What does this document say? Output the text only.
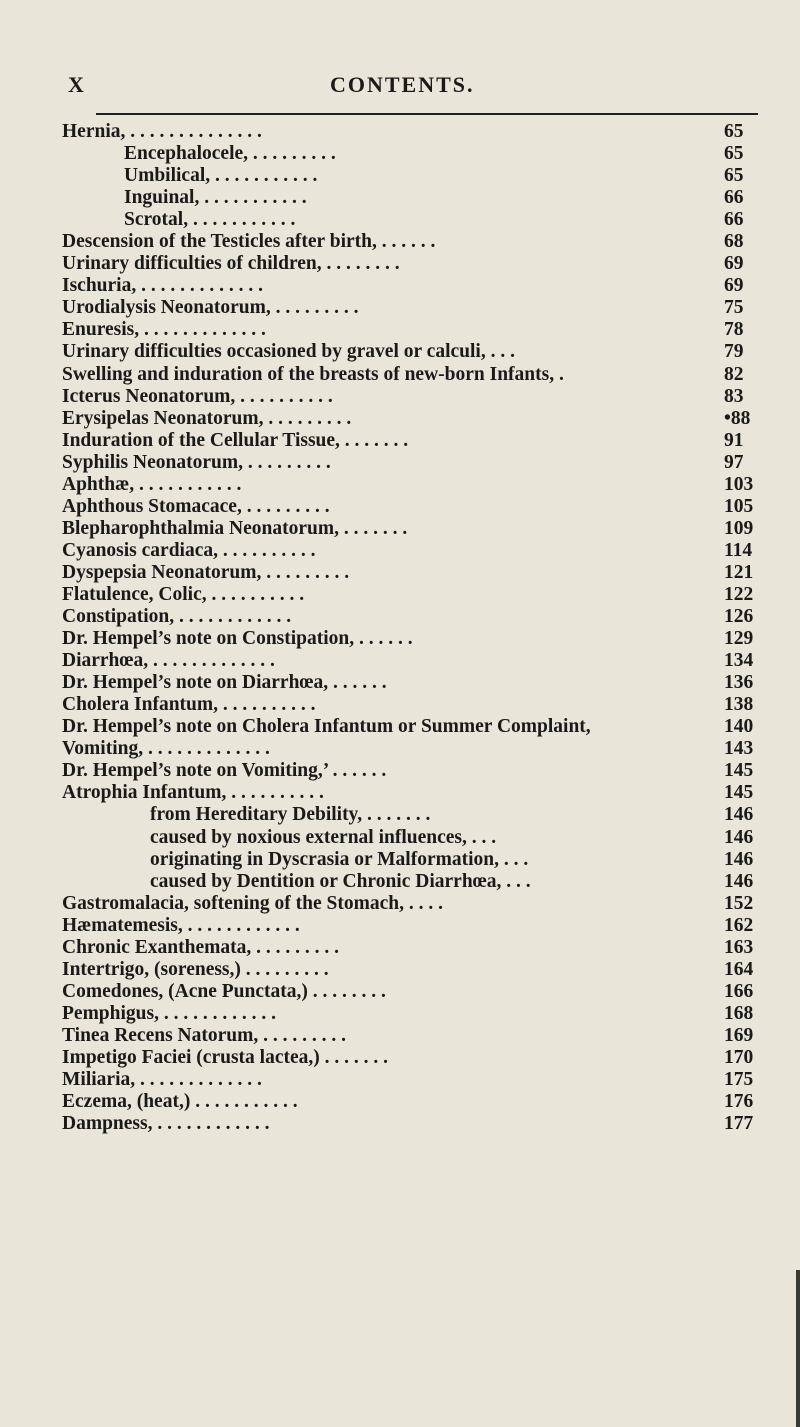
X	CONTENTS.
Hernia, . . . . . . . . . . . . . .	65
Encephalocele, . . . . . . . . .	65
Umbilical, . . . . . . . . . . .	65
Inguinal, . . . . . . . . . . .	66
Scrotal, . . . . . . . . . . .	66
Descension of the Testicles after birth, . . . . . .	68
Urinary difficulties of children, . . . . . . . .	69
Ischuria, . . . . . . . . . . . . .	69
Urodialysis Neonatorum, . . . . . . . . .	75
Enuresis, . . . . . . . . . . . . .	78
Urinary difficulties occasioned by gravel or calculi, . . .	79
Swelling and induration of the breasts of new-born Infants, .	82
Icterus Neonatorum, . . . . . . . . . .	83
Erysipelas Neonatorum, . . . . . . . . .	•88
Induration of the Cellular Tissue, . . . . . . .	91
Syphilis Neonatorum, . . . . . . . . .	97
Aphthæ, . . . . . . . . . . .	103
Aphthous Stomacace, . . . . . . . . .	105
Blepharophthalmia Neonatorum, . . . . . . .	109
Cyanosis cardiaca, . . . . . . . . . .	114
Dyspepsia Neonatorum, . . . . . . . . .	121
Flatulence, Colic, . . . . . . . . . .	122
Constipation, . . . . . . . . . . . .	126
Dr. Hempel’s note on Constipation, . . . . . .	129
Diarrhœa, . . . . . . . . . . . . .	134
Dr. Hempel’s note on Diarrhœa, . . . . . .	136
Cholera Infantum, . . . . . . . . . .	138
Dr. Hempel’s note on Cholera Infantum or Summer Complaint,	140
Vomiting, . . . . . . . . . . . . .	143
Dr. Hempel’s note on Vomiting,’ . . . . . .	145
Atrophia Infantum, . . . . . . . . . .	145
from Hereditary Debility, . . . . . . .	146
caused by noxious external influences, . . .	146
originating in Dyscrasia or Malformation, . . .	146
caused by Dentition or Chronic Diarrhœa, . . .	146
Gastromalacia, softening of the Stomach, . . . .	152
Hæmatemesis, . . . . . . . . . . . .	162
Chronic Exanthemata, . . . . . . . . .	163
Intertrigo, (soreness,) . . . . . . . . .	164
Comedones, (Acne Punctata,) . . . . . . . .	166
Pemphigus, . . . . . . . . . . . .	168
Tinea Recens Natorum, . . . . . . . . .	169
Impetigo Faciei (crusta lactea,) . . . . . . .	170
Miliaria, . . . . . . . . . . . . .	175
Eczema, (heat,) . . . . . . . . . . .	176
Dampness, . . . . . . . . . . . .	177
